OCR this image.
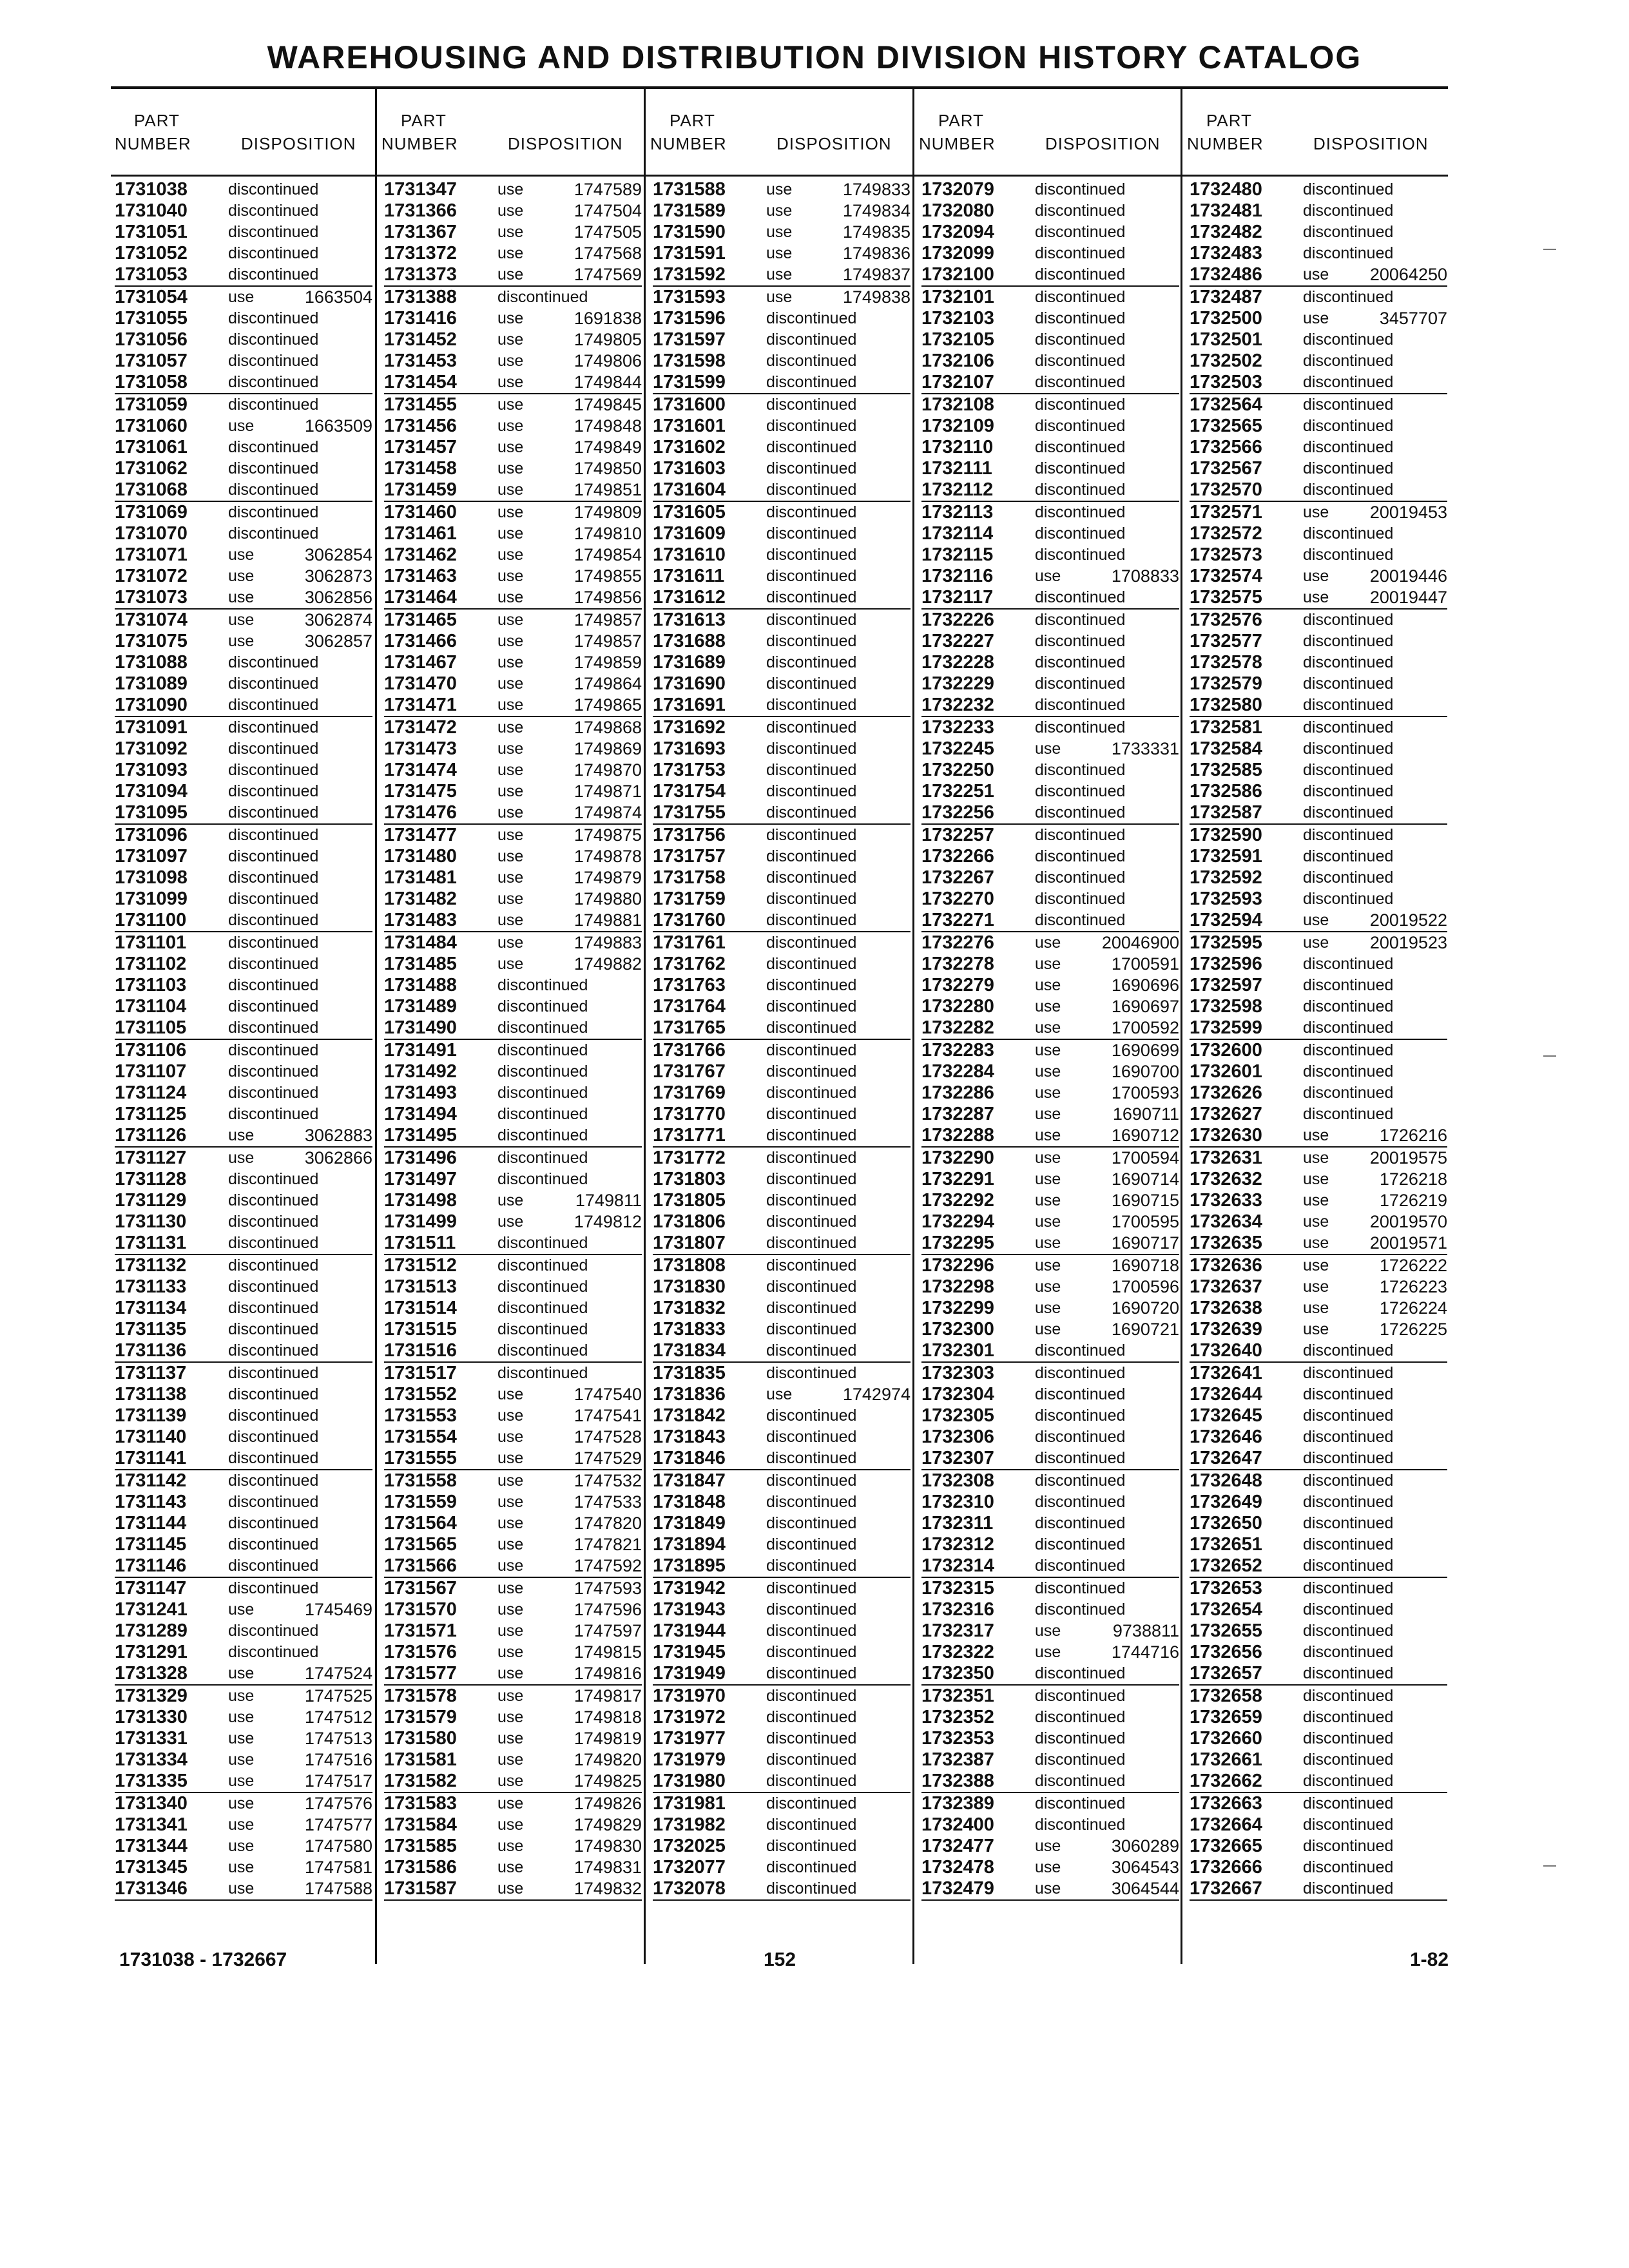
WAREHOUSING AND DISTRIBUTION DIVISION HISTORY CATALOG
PART
NUMBER	DISPOSITION
PART
NUMBER	DISPOSITION
PART
NUMBER	DISPOSITION
PART
NUMBER	DISPOSITION
PART
NUMBER	DISPOSITION
1731038	discontinued
1731040	discontinued
1731051	discontinued
1731052	discontinued
1731053	discontinued
1731054	use	1663504
1731055	discontinued
1731056	discontinued
1731057	discontinued
1731058	discontinued
1731059	discontinued
1731060	use	1663509
1731061	discontinued
1731062	discontinued
1731068	discontinued
1731069	discontinued
1731070	discontinued
1731071	use	3062854
1731072	use	3062873
1731073	use	3062856
1731074	use	3062874
1731075	use	3062857
1731088	discontinued
1731089	discontinued
1731090	discontinued
1731091	discontinued
1731092	discontinued
1731093	discontinued
1731094	discontinued
1731095	discontinued
1731096	discontinued
1731097	discontinued
1731098	discontinued
1731099	discontinued
1731100	discontinued
1731101	discontinued
1731102	discontinued
1731103	discontinued
1731104	discontinued
1731105	discontinued
1731106	discontinued
1731107	discontinued
1731124	discontinued
1731125	discontinued
1731126	use	3062883
1731127	use	3062866
1731128	discontinued
1731129	discontinued
1731130	discontinued
1731131	discontinued
1731132	discontinued
1731133	discontinued
1731134	discontinued
1731135	discontinued
1731136	discontinued
1731137	discontinued
1731138	discontinued
1731139	discontinued
1731140	discontinued
1731141	discontinued
1731142	discontinued
1731143	discontinued
1731144	discontinued
1731145	discontinued
1731146	discontinued
1731147	discontinued
1731241	use	1745469
1731289	discontinued
1731291	discontinued
1731328	use	1747524
1731329	use	1747525
1731330	use	1747512
1731331	use	1747513
1731334	use	1747516
1731335	use	1747517
1731340	use	1747576
1731341	use	1747577
1731344	use	1747580
1731345	use	1747581
1731346	use	1747588
1731347	use	1747589
1731366	use	1747504
1731367	use	1747505
1731372	use	1747568
1731373	use	1747569
1731388	discontinued
1731416	use	1691838
1731452	use	1749805
1731453	use	1749806
1731454	use	1749844
1731455	use	1749845
1731456	use	1749848
1731457	use	1749849
1731458	use	1749850
1731459	use	1749851
1731460	use	1749809
1731461	use	1749810
1731462	use	1749854
1731463	use	1749855
1731464	use	1749856
1731465	use	1749857
1731466	use	1749857
1731467	use	1749859
1731470	use	1749864
1731471	use	1749865
1731472	use	1749868
1731473	use	1749869
1731474	use	1749870
1731475	use	1749871
1731476	use	1749874
1731477	use	1749875
1731480	use	1749878
1731481	use	1749879
1731482	use	1749880
1731483	use	1749881
1731484	use	1749883
1731485	use	1749882
1731488	discontinued
1731489	discontinued
1731490	discontinued
1731491	discontinued
1731492	discontinued
1731493	discontinued
1731494	discontinued
1731495	discontinued
1731496	discontinued
1731497	discontinued
1731498	use	1749811
1731499	use	1749812
1731511	discontinued
1731512	discontinued
1731513	discontinued
1731514	discontinued
1731515	discontinued
1731516	discontinued
1731517	discontinued
1731552	use	1747540
1731553	use	1747541
1731554	use	1747528
1731555	use	1747529
1731558	use	1747532
1731559	use	1747533
1731564	use	1747820
1731565	use	1747821
1731566	use	1747592
1731567	use	1747593
1731570	use	1747596
1731571	use	1747597
1731576	use	1749815
1731577	use	1749816
1731578	use	1749817
1731579	use	1749818
1731580	use	1749819
1731581	use	1749820
1731582	use	1749825
1731583	use	1749826
1731584	use	1749829
1731585	use	1749830
1731586	use	1749831
1731587	use	1749832
1731588	use	1749833
1731589	use	1749834
1731590	use	1749835
1731591	use	1749836
1731592	use	1749837
1731593	use	1749838
1731596	discontinued
1731597	discontinued
1731598	discontinued
1731599	discontinued
1731600	discontinued
1731601	discontinued
1731602	discontinued
1731603	discontinued
1731604	discontinued
1731605	discontinued
1731609	discontinued
1731610	discontinued
1731611	discontinued
1731612	discontinued
1731613	discontinued
1731688	discontinued
1731689	discontinued
1731690	discontinued
1731691	discontinued
1731692	discontinued
1731693	discontinued
1731753	discontinued
1731754	discontinued
1731755	discontinued
1731756	discontinued
1731757	discontinued
1731758	discontinued
1731759	discontinued
1731760	discontinued
1731761	discontinued
1731762	discontinued
1731763	discontinued
1731764	discontinued
1731765	discontinued
1731766	discontinued
1731767	discontinued
1731769	discontinued
1731770	discontinued
1731771	discontinued
1731772	discontinued
1731803	discontinued
1731805	discontinued
1731806	discontinued
1731807	discontinued
1731808	discontinued
1731830	discontinued
1731832	discontinued
1731833	discontinued
1731834	discontinued
1731835	discontinued
1731836	use	1742974
1731842	discontinued
1731843	discontinued
1731846	discontinued
1731847	discontinued
1731848	discontinued
1731849	discontinued
1731894	discontinued
1731895	discontinued
1731942	discontinued
1731943	discontinued
1731944	discontinued
1731945	discontinued
1731949	discontinued
1731970	discontinued
1731972	discontinued
1731977	discontinued
1731979	discontinued
1731980	discontinued
1731981	discontinued
1731982	discontinued
1732025	discontinued
1732077	discontinued
1732078	discontinued
1732079	discontinued
1732080	discontinued
1732094	discontinued
1732099	discontinued
1732100	discontinued
1732101	discontinued
1732103	discontinued
1732105	discontinued
1732106	discontinued
1732107	discontinued
1732108	discontinued
1732109	discontinued
1732110	discontinued
1732111	discontinued
1732112	discontinued
1732113	discontinued
1732114	discontinued
1732115	discontinued
1732116	use	1708833
1732117	discontinued
1732226	discontinued
1732227	discontinued
1732228	discontinued
1732229	discontinued
1732232	discontinued
1732233	discontinued
1732245	use	1733331
1732250	discontinued
1732251	discontinued
1732256	discontinued
1732257	discontinued
1732266	discontinued
1732267	discontinued
1732270	discontinued
1732271	discontinued
1732276	use 20046900
1732278	use	1700591
1732279	use	1690696
1732280	use	1690697
1732282	use	1700592
1732283	use	1690699
1732284	use	1690700
1732286	use	1700593
1732287	use	1690711
1732288	use	1690712
1732290	use	1700594
1732291	use	1690714
1732292	use	1690715
1732294	use	1700595
1732295	use	1690717
1732296	use	1690718
1732298	use	1700596
1732299	use	1690720
1732300	use	1690721
1732301	discontinued
1732303	discontinued
1732304	discontinued
1732305	discontinued
1732306	discontinued
1732307	discontinued
1732308	discontinued
1732310	discontinued
1732311	discontinued
1732312	discontinued
1732314	discontinued
1732315	discontinued
1732316	discontinued
1732317	use	9738811
1732322	use	1744716
1732350	discontinued
1732351	discontinued
1732352	discontinued
1732353	discontinued
1732387	discontinued
1732388	discontinued
1732389	discontinued
1732400	discontinued
1732477	use	3060289
1732478	use	3064543
1732479	use	3064544
1732480	discontinued
1732481	discontinued
1732482	discontinued
1732483	discontinued
1732486	use 20064250
1732487	discontinued
1732500	use	3457707
1732501	discontinued
1732502	discontinued
1732503	discontinued
1732564	discontinued
1732565	discontinued
1732566	discontinued
1732567	discontinued
1732570	discontinued
1732571	use 20019453
1732572	discontinued
1732573	discontinued
1732574	use 20019446
1732575	use 20019447
1732576	discontinued
1732577	discontinued
1732578	discontinued
1732579	discontinued
1732580	discontinued
1732581	discontinued
1732584	discontinued
1732585	discontinued
1732586	discontinued
1732587	discontinued
1732590	discontinued
1732591	discontinued
1732592	discontinued
1732593	discontinued
1732594	use 20019522
1732595	use 20019523
1732596	discontinued
1732597	discontinued
1732598	discontinued
1732599	discontinued
1732600	discontinued
1732601	discontinued
1732626	discontinued
1732627	discontinued
1732630	use	1726216
1732631	use 20019575
1732632	use	1726218
1732633	use	1726219
1732634	use 20019570
1732635	use 20019571
1732636	use	1726222
1732637	use	1726223
1732638	use	1726224
1732639	use	1726225
1732640	discontinued
1732641	discontinued
1732644	discontinued
1732645	discontinued
1732646	discontinued
1732647	discontinued
1732648	discontinued
1732649	discontinued
1732650	discontinued
1732651	discontinued
1732652	discontinued
1732653	discontinued
1732654	discontinued
1732655	discontinued
1732656	discontinued
1732657	discontinued
1732658	discontinued
1732659	discontinued
1732660	discontinued
1732661	discontinued
1732662	discontinued
1732663	discontinued
1732664	discontinued
1732665	discontinued
1732666	discontinued
1732667	discontinued
1731038 - 1732667	152	1-82
